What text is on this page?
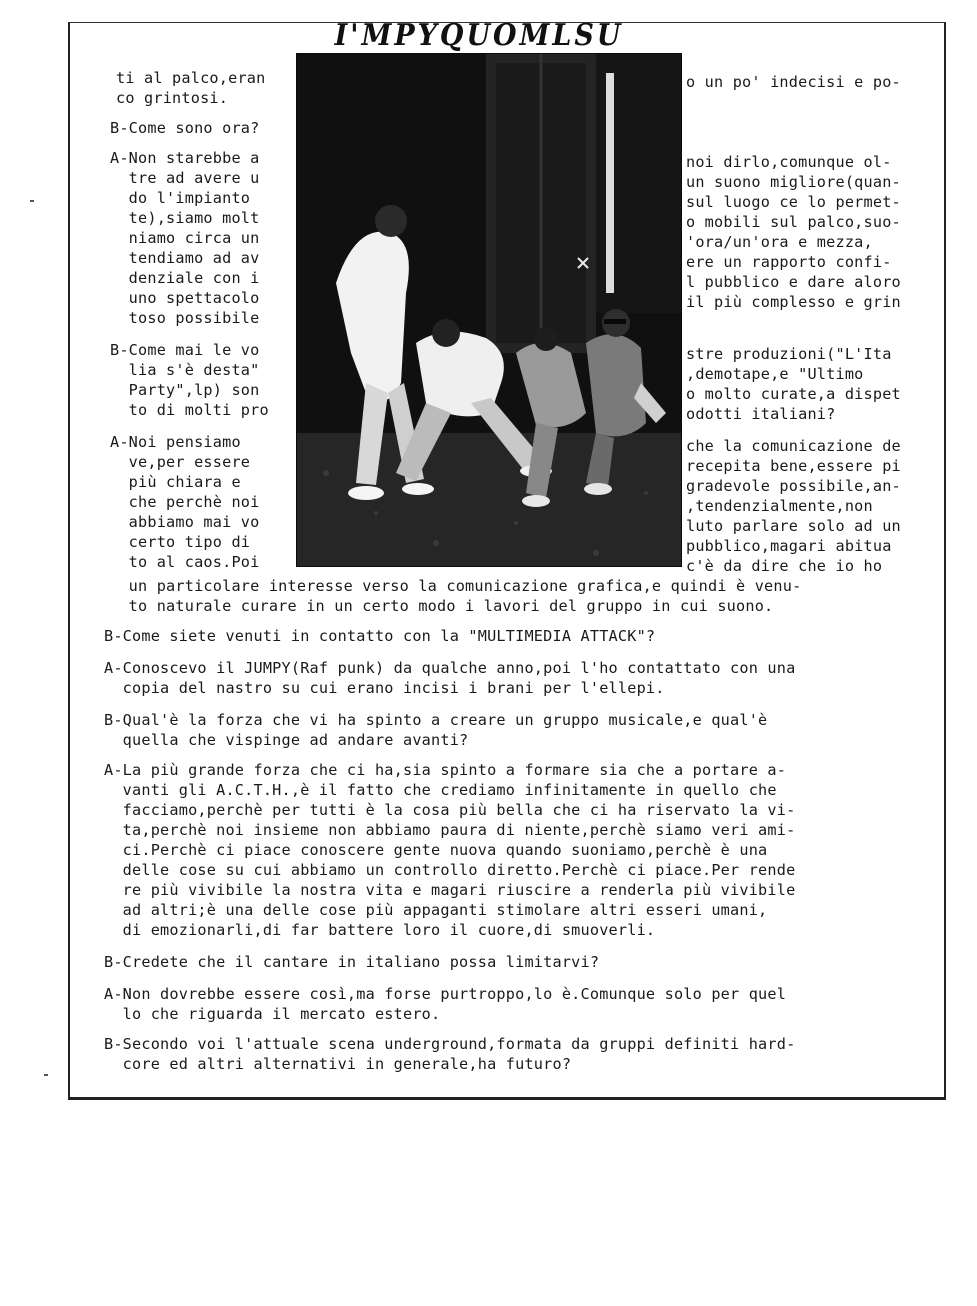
I'MPYQUOMLSU
ti al palco,eran
co grintosi.
o un po' indecisi e po-
B-Come sono ora?
A-Non starebbe a
tre ad avere u
do l'impianto
te),siamo molt
niamo circa un
tendiamo ad av
denziale con i
uno spettacolo
toso possibile
noi dirlo,comunque ol-
un suono migliore(quan-
sul luogo ce lo permet-
o mobili sul palco,suo-
'ora/un'ora e mezza,
ere un rapporto confi-
l pubblico e dare aloro
il più complesso e grin
B-Come mai le vo
lia s'è desta"
Party",lp) son
to di molti pro
stre produzioni("L'Ita
,demotape,e "Ultimo
o molto curate,a dispet
odotti italiani?
A-Noi pensiamo
ve,per essere
più chiara e
che perchè noi
abbiamo mai vo
certo tipo di
to al caos.Poi
che la comunicazione de
recepita bene,essere pi
gradevole possibile,an-
,tendenzialmente,non
luto parlare solo ad un
pubblico,magari abitua
c'è da dire che io ho
un particolare interesse verso la comunicazione grafica,e quindi è venu-
to naturale curare in un certo modo i lavori del gruppo in cui suono.
B-Come siete venuti in contatto con la "MULTIMEDIA ATTACK"?
A-Conoscevo il JUMPY(Raf punk) da qualche anno,poi l'ho contattato con una
copia del nastro su cui erano incisi i brani per l'ellepi.
B-Qual'è la forza che vi ha spinto a creare un gruppo musicale,e qual'è
quella che vispinge ad andare avanti?
A-La più grande forza che ci ha,sia spinto a formare sia che a portare a-
vanti gli A.C.T.H.,è il fatto che crediamo infinitamente in quello che
facciamo,perchè per tutti è la cosa più bella che ci ha riservato la vi-
ta,perchè noi insieme non abbiamo paura di niente,perchè siamo veri ami-
ci.Perchè ci piace conoscere gente nuova quando suoniamo,perchè è una
delle cose su cui abbiamo un controllo diretto.Perchè ci piace.Per rende
re più vivibile la nostra vita e magari riuscire a renderla più vivibile
ad altri;è una delle cose più appaganti stimolare altri esseri umani,
di emozionarli,di far battere loro il cuore,di smuoverli.
B-Credete che il cantare in italiano possa limitarvi?
A-Non dovrebbe essere così,ma forse purtroppo,lo è.Comunque solo per quel
lo che riguarda il mercato estero.
B-Secondo voi l'attuale scena underground,formata da gruppi definiti hard-
core ed altri alternativi in generale,ha futuro?
